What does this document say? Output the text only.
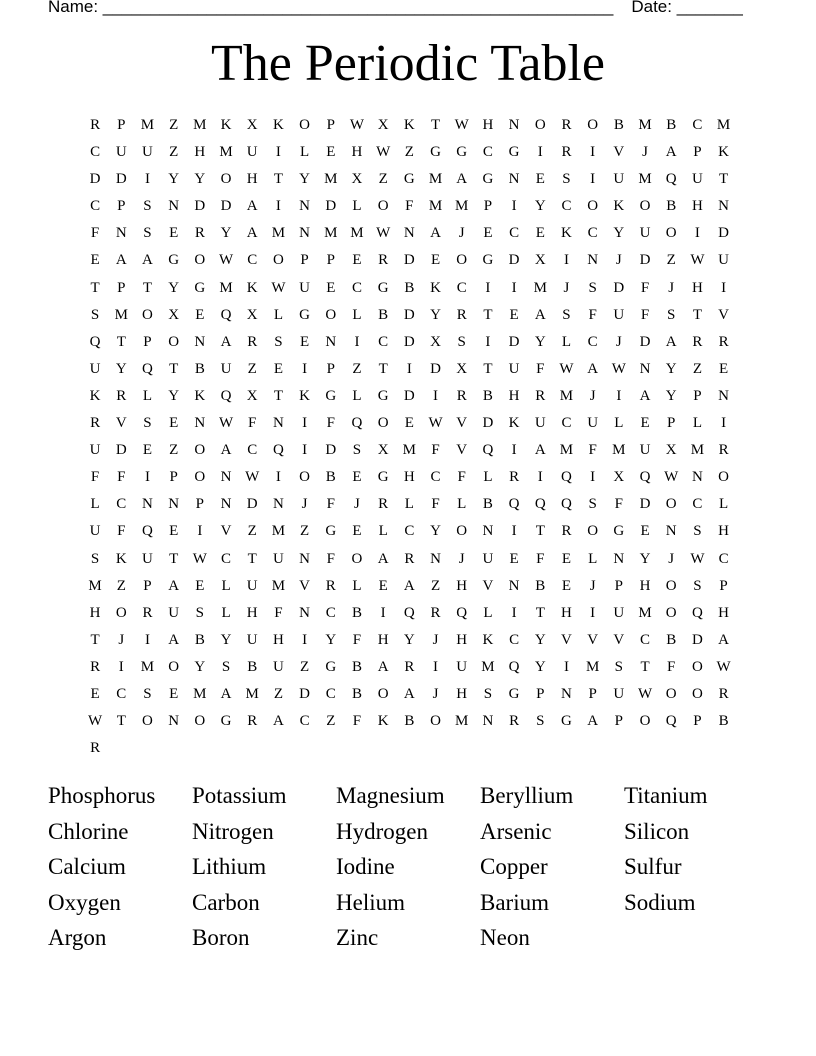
Name: ______________________________________________________ Date: _______
The Periodic Table
R	P	M Z M K	X	K	O	P W X	K	T W H	N	O	R	O	B M B	C M
C	U	U	Z	H M U	I	L	E	H W Z	G	G	C	G	I	R	I	V	J	A	P	K
D	D	I	Y	Y	O	H	T	Y M X	Z	G M A	G	N	E	S	I	U M Q	U	T
C	P	S	N	D	D	A	I	N	D	L	O	F	M M	P	I	Y	C	O	K	O	B	H	N
F	N	S	E	R	Y	A M N M M W N	A	J	E	C	E	K	C	Y	U	O	I	D
E	A	A	G	O W C	O	P	P	E	R	D	E	O	G	D	X	I	N	J	D	Z W U
T	P	T	Y	G M K W U	E	C	G	B	K	C	I	I	M	J	S	D	F	J	H	I
S	M O	X	E	Q	X	L	G	O	L	B	D	Y	R	T	E	A	S	F	U	F	S	T	V
Q	T	P	O	N	A	R	S	E	N	I	C	D	X	S	I	D	Y	L	C	J	D	A	R	R
U	Y	Q	T	B	U	Z	E	I	P	Z	T	I	D	X	T	U	F W A W N	Y	Z	E
K	R	L	Y	K	Q	X	T	K	G	L	G	D	I	R	B	H	R M	J	I	A	Y	P	N
R	V	S	E	N W F	N	I	F	Q	O	E W V	D	K	U	C	U	L	E	P	L	I
U	D	E	Z	O	A	C	Q	I	D	S	X M	F	V	Q	I	A M	F	M U	X M R
F	F	I	P	O	N W	I	O	B	E	G	H	C	F	L	R	I	Q	I	X	Q W N	O
L	C	N	N	P	N	D	N	J	F	J	R	L	F	L	B	Q	Q	Q	S	F	D	O	C	L
U	F	Q	E	I	V	Z M Z	G	E	L	C	Y	O	N	I	T	R	O	G	E	N	S	H
S	K	U	T W C	T	U	N	F	O	A	R	N	J	U	E	F	E	L	N	Y	J	W C
M Z	P	A	E	L	U M V	R	L	E	A	Z	H	V	N	B	E	J	P	H	O	S	P
H	O	R	U	S	L	H	F	N	C	B	I	Q	R	Q	L	I	T	H	I	U M O	Q	H
T	J	I	A	B	Y	U	H	I	Y	F	H	Y	J	H	K	C	Y	V	V	V	C	B	D	A
R	I	M O	Y	S	B	U	Z	G	B	A	R	I	U M Q	Y	I	M	S	T	F	O W
E	C	S	E M A M Z	D	C	B	O	A	J	H	S	G	P	N	P	U W O	O	R
W T	O	N	O	G	R	A	C	Z	F	K	B	O M N	R	S	G	A	P	O	Q	P	B
R
Phosphorus	Potassium	Magnesium	Beryllium	Titanium
Chlorine	Nitrogen	Hydrogen	Arsenic	Silicon
Calcium	Lithium	Iodine	Copper	Sulfur
Oxygen	Carbon	Helium	Barium	Sodium
Argon	Boron	Zinc	Neon
